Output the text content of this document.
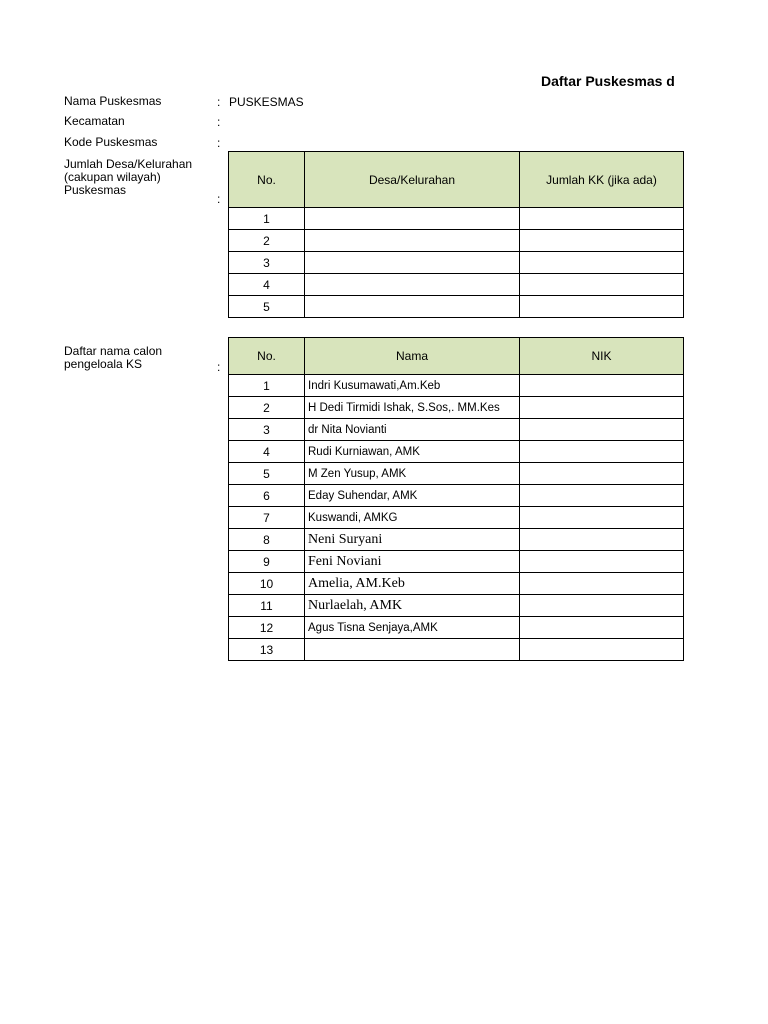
Daftar Puskesmas d
Nama Puskesmas	: PUSKESMAS
Kecamatan	:
Kode Puskesmas	:
Jumlah Desa/Kelurahan
(cakupan wilayah)
Puskesmas
:
No.	Desa/Kelurahan	Jumlah KK (jika ada)
1		
2		
3		
4		
5		
Daftar nama calon
pengeloala KS	:
No.	Nama	NIK
1	Indri Kusumawati,Am.Keb	
2	H Dedi Tirmidi Ishak, S.Sos,. MM.Kes	
3	dr Nita Novianti	
4	Rudi Kurniawan, AMK	
5	M Zen Yusup, AMK	
6	Eday Suhendar, AMK	
7	Kuswandi, AMKG	
8	Neni Suryani	
9	Feni Noviani	
10	Amelia, AM.Keb	
11	Nurlaelah, AMK	
12	Agus Tisna Senjaya,AMK	
13		
